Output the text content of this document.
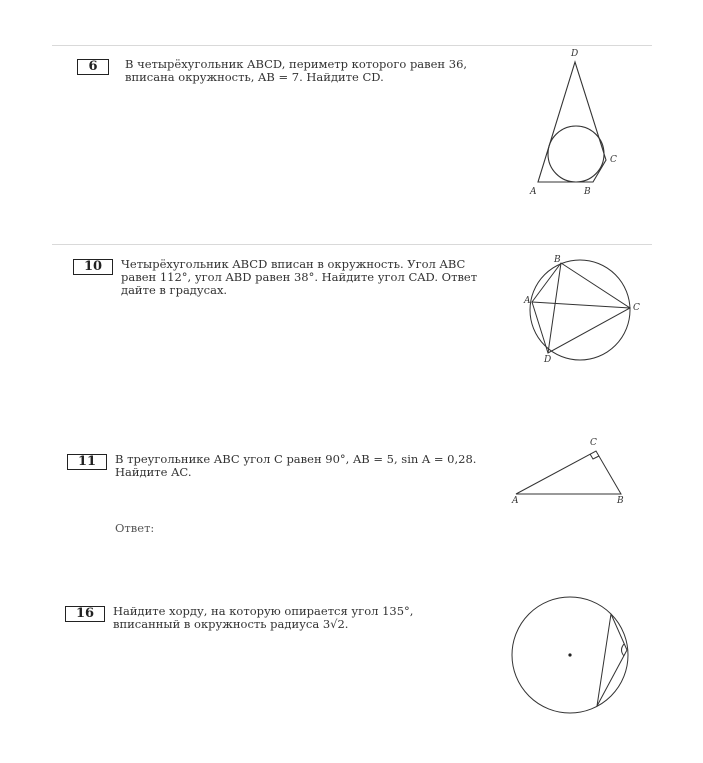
6	В четырёхугольник ABCD, периметр которого равен 36, вписана окружность, AB = 7. Найдите CD.
D
A	B
C
10	Четырёхугольник ABCD вписан в окружность. Угол ABC равен 112°, угол ABD равен 38°. Найдите угол CAD. Ответ дайте в градусах.
B
A
C
D
11	В треугольнике ABC угол C равен 90°, AB = 5, sin A = 0,28. Найдите AC.
Ответ:
C
A	B
16	Найдите хорду, на которую опирается угол 135°, вписанный в окружность радиуса 3√2.
